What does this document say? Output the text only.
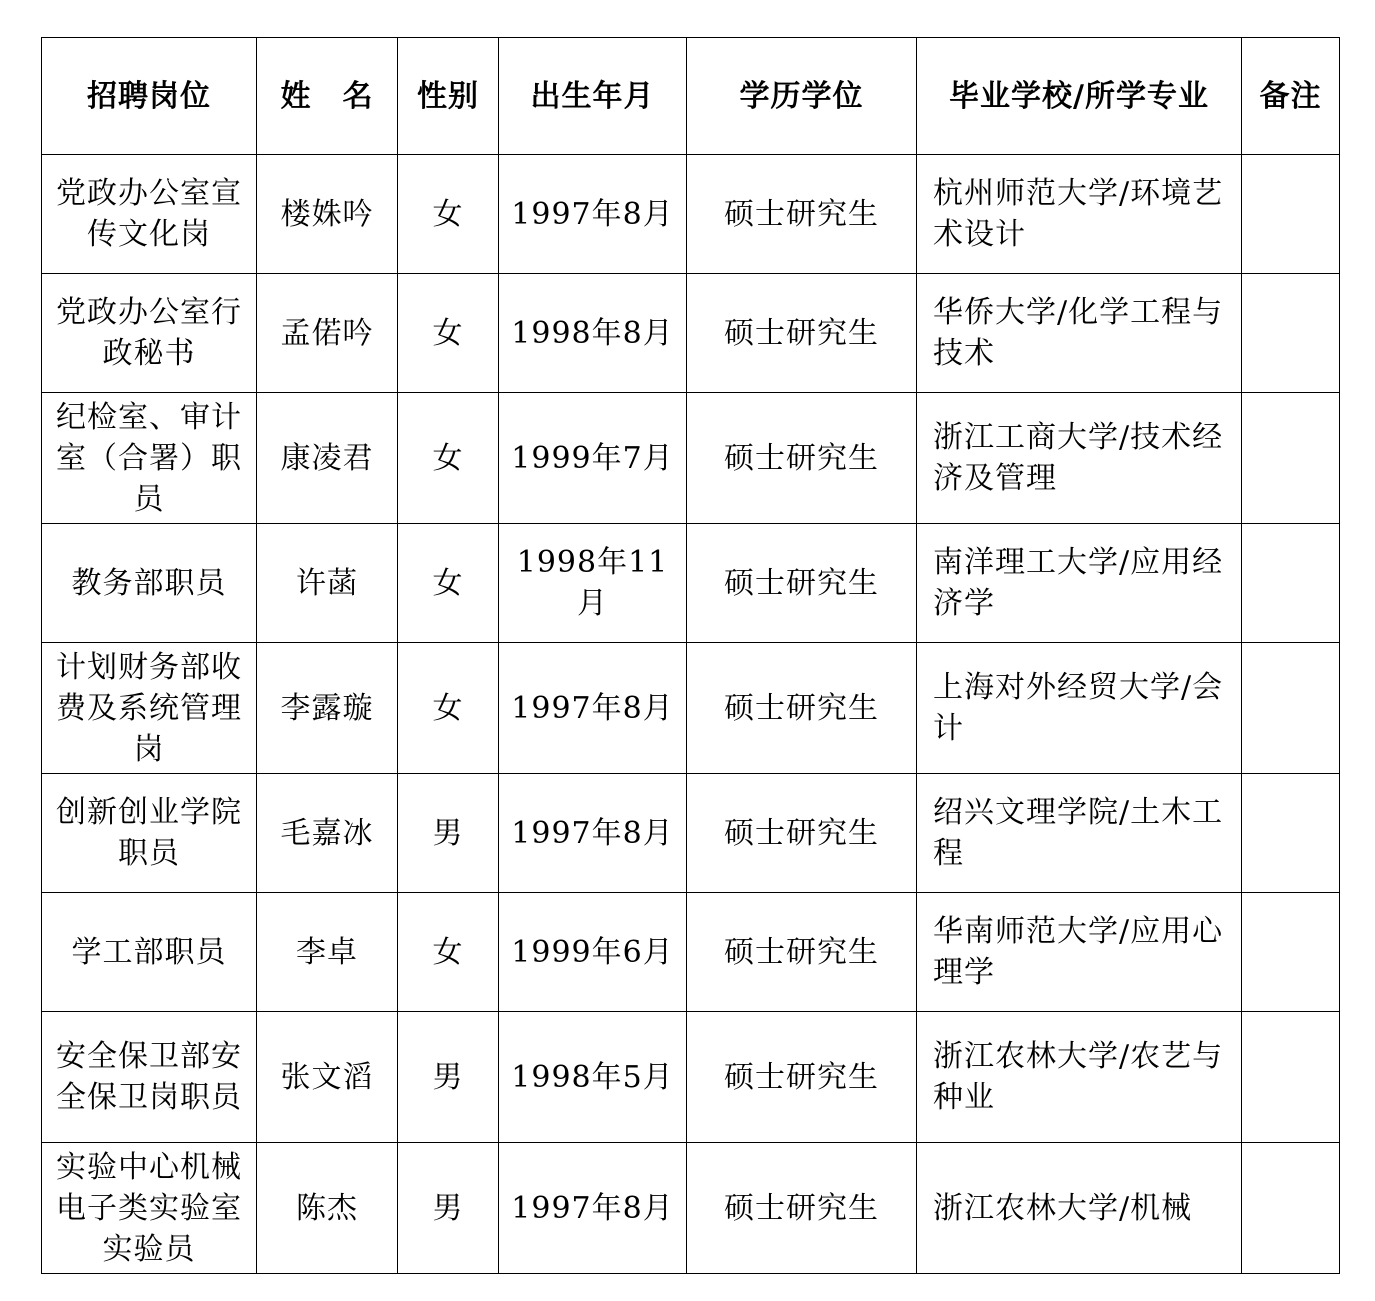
招聘岗位	姓　名	性别	出生年月	学历学位	毕业学校/所学专业	备注
党政办公室宣传文化岗	楼姝吟	女	1997年8月	硕士研究生	杭州师范大学/环境艺术设计	
党政办公室行政秘书	孟偌吟	女	1998年8月	硕士研究生	华侨大学/化学工程与技术	
纪检室、审计室（合署）职员	康凌君	女	1999年7月	硕士研究生	浙江工商大学/技术经济及管理	
教务部职员	许菡	女	1998年11月	硕士研究生	南洋理工大学/应用经济学	
计划财务部收费及系统管理岗	李露璇	女	1997年8月	硕士研究生	上海对外经贸大学/会计	
创新创业学院职员	毛嘉冰	男	1997年8月	硕士研究生	绍兴文理学院/土木工程	
学工部职员	李卓	女	1999年6月	硕士研究生	华南师范大学/应用心理学	
安全保卫部安全保卫岗职员	张文滔	男	1998年5月	硕士研究生	浙江农林大学/农艺与种业	
实验中心机械电子类实验室实验员	陈杰	男	1997年8月	硕士研究生	浙江农林大学/机械	
